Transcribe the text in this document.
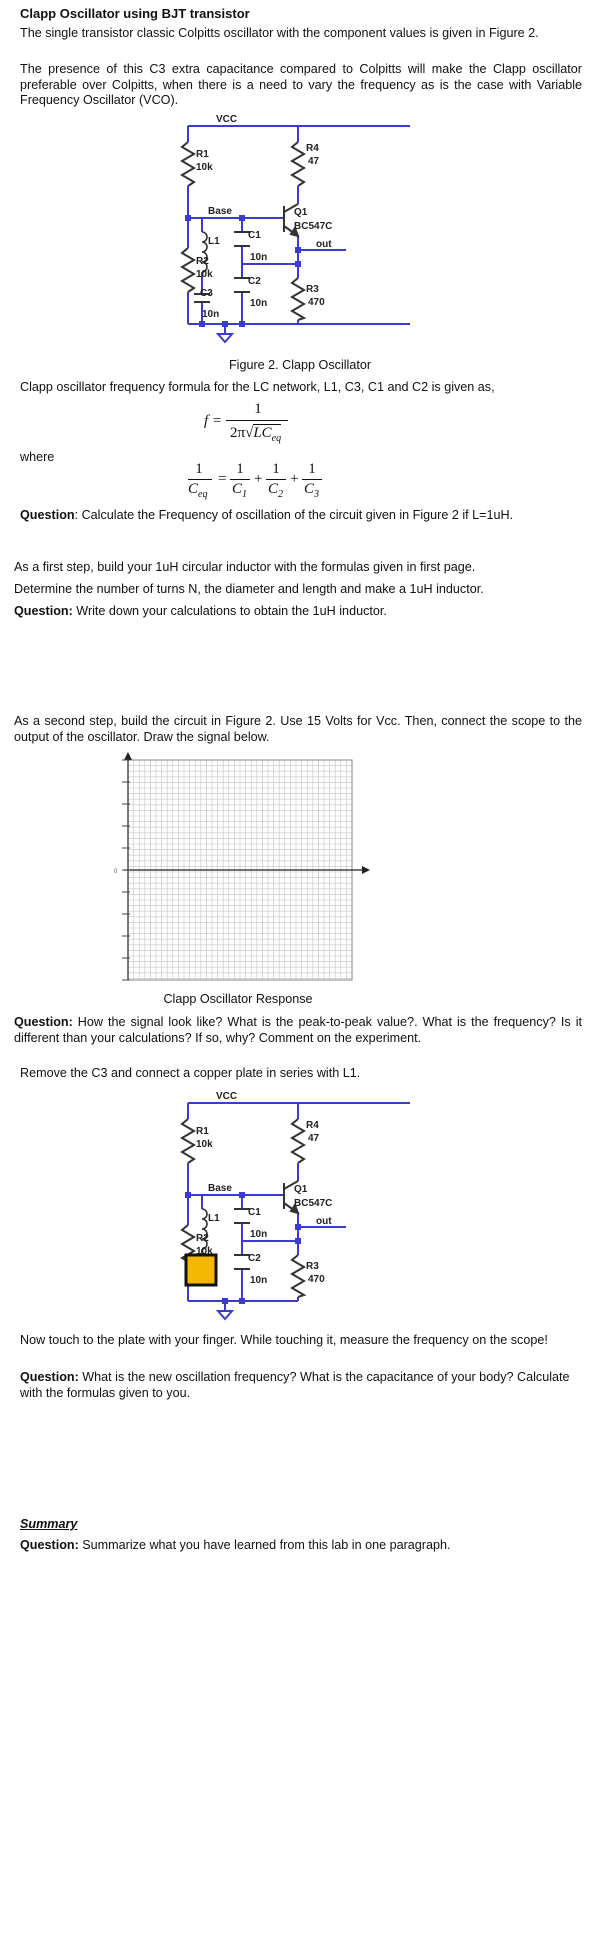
Clapp Oscillator using BJT transistor
The single transistor classic Colpitts oscillator with the component values is given in Figure 2.
The presence of this C3 extra capacitance compared to Colpitts will make the Clapp oscillator preferable over Colpitts, when there is a need to vary the frequency as is the case with Variable Frequency Oscillator (VCO).
VCC
R1
10k
R2
10k
R4
47
R3
470
Q1
BC547C
Base
out
L1
C1
10n
C2
10n
C3
10n
Figure 2. Clapp Oscillator
Clapp oscillator frequency formula for the LC network, L1, C3, C1 and C2 is given as,
f =
1
$2\pi√LC_{eq}$
where
1
$C_{eq}$
=
1
$C_1$
+
1
$C_2$
+
1
$C_3$
Question: Calculate the Frequency of oscillation of the circuit given in Figure 2 if L=1uH.
As a first step, build your 1uH circular inductor with the formulas given in first page.
Determine the number of turns N, the diameter and length and make a 1uH inductor.
Question: Write down your calculations to obtain the 1uH inductor.
As a second step, build the circuit in Figure 2. Use 15 Volts for Vcc. Then, connect the scope to the output of the oscillator. Draw the signal below.
0
Clapp Oscillator Response
Question: How the signal look like? What is the peak-to-peak value?. What is the frequency? Is it different than your calculations? If so, why? Comment on the experiment.
Remove the C3 and connect a copper plate in series with L1.
VCC
R1
10k
R2
10k
R4
47
R3
470
Q1
BC547C
Base
out
L1
C1
10n
C2
10n
Now touch to the plate with your finger. While touching it, measure the frequency on the scope!
Question: What is the new oscillation frequency? What is the capacitance of your body? Calculate with the formulas given to you.
Summary
Question: Summarize what you have learned from this lab in one paragraph.
